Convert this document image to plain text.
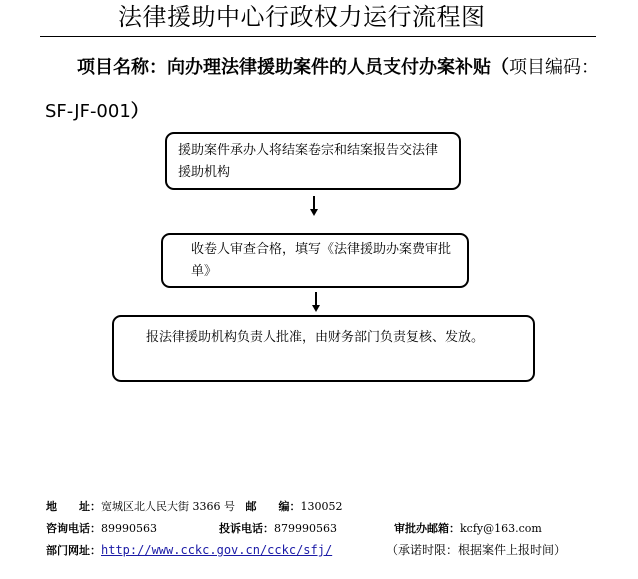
法律援助中心行政权力运行流程图
项目名称：向办理法律援助案件的人员支付办案补贴（项目编码：SF-JF-001）
援助案件承办人将结案卷宗和结案报告交法律援助机构
收卷人审查合格，填写《法律援助办案费审批单》
报法律援助机构负责人批准，由财务部门负责复核、发放。
地　　址：宽城区北人民大街 3366 号 邮　　编：130052
咨询电话：89990563	投诉电话：879990563	审批办邮箱：kcfy@163.com
部门网址：http://www.cckc.gov.cn/cckc/sfj/	（承诺时限：根据案件上报时间）
